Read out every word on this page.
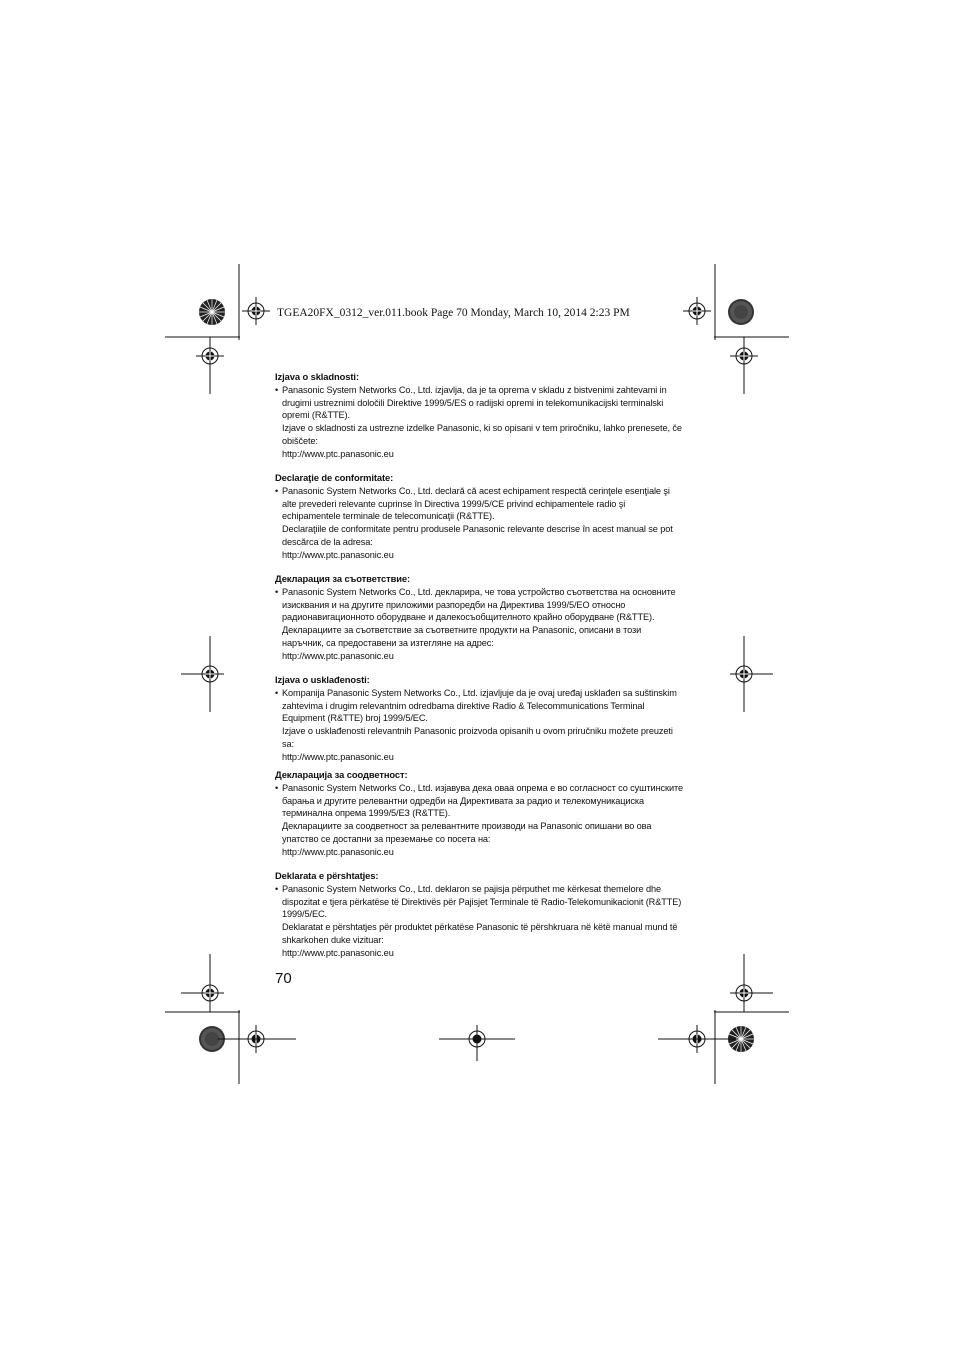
TGEA20FX_0312_ver.011.book Page 70 Monday, March 10, 2014 2:23 PM
Izjava o skladnosti:

• Panasonic System Networks Co., Ltd. izjavlja, da je ta oprema v skladu z bistvenimi zahtevami in drugimi ustreznimi določili Direktive 1999/5/ES o radijski opremi in telekomunikacijski terminalski opremi (R&TTE).

Izjave o skladnosti za ustrezne izdelke Panasonic, ki so opisani v tem priročniku, lahko prenesete, če obiščete:

http://www.ptc.panasonic.eu

Declaraţie de conformitate:

• Panasonic System Networks Co., Ltd. declară că acest echipament respectă cerinţele esenţiale şi alte prevederi relevante cuprinse în Directiva 1999/5/CE privind echipamentele radio şi echipamentele terminale de telecomunicaţii (R&TTE).

Declaraţiile de conformitate pentru produsele Panasonic relevante descrise în acest manual se pot descărca de la adresa:

http://www.ptc.panasonic.eu

Декларация за съответствие:

• Panasonic System Networks Co., Ltd. декларира, че това устройство съответства на основните изисквания и на другите приложими разпоредби на Директива 1999/5/ЕО относно радионавигационното оборудване и далекосъобщителното крайно оборудване (R&TTE).

Декларациите за съответствие за съответните продукти на Panasonic, описани в този наръчник, са предоставени за изтегляне на адрес:

http://www.ptc.panasonic.eu

Izjava o usklađenosti:

• Kompanija Panasonic System Networks Co., Ltd. izjavljuje da je ovaj uređaj usklađen sa suštinskim zahtevima i drugim relevantnim odredbama direktive Radio & Telecommunications Terminal Equipment (R&TTE) broj 1999/5/EC.

Izjave o usklađenosti relevantnih Panasonic proizvoda opisanih u ovom priručniku možete preuzeti sa:

http://www.ptc.panasonic.eu

Декларација за соодветност:

• Panasonic System Networks Co., Ltd. изјавува дека оваа опрема е во согласност со суштинските барања и другите релевантни одредби на Директивата за радио и телекомуникациска терминална опрема 1999/5/ЕЗ (R&TTE).

Декларациите за соодветност за релевантните производи на Panasonic опишани во ова упатство се достапни за преземање со посета на:

http://www.ptc.panasonic.eu

Deklarata e përshtatjes:

• Panasonic System Networks Co., Ltd. deklaron se pajisja përputhet me kërkesat themelore dhe dispozitat e tjera përkatëse të Direktivës për Pajisjet Terminale të Radio-Telekomunikacionit (R&TTE) 1999/5/EC.

Deklaratat e përshtatjes për produktet përkatëse Panasonic të përshkruara në këtë manual mund të shkarkohen duke vizituar:

http://www.ptc.panasonic.eu

70
